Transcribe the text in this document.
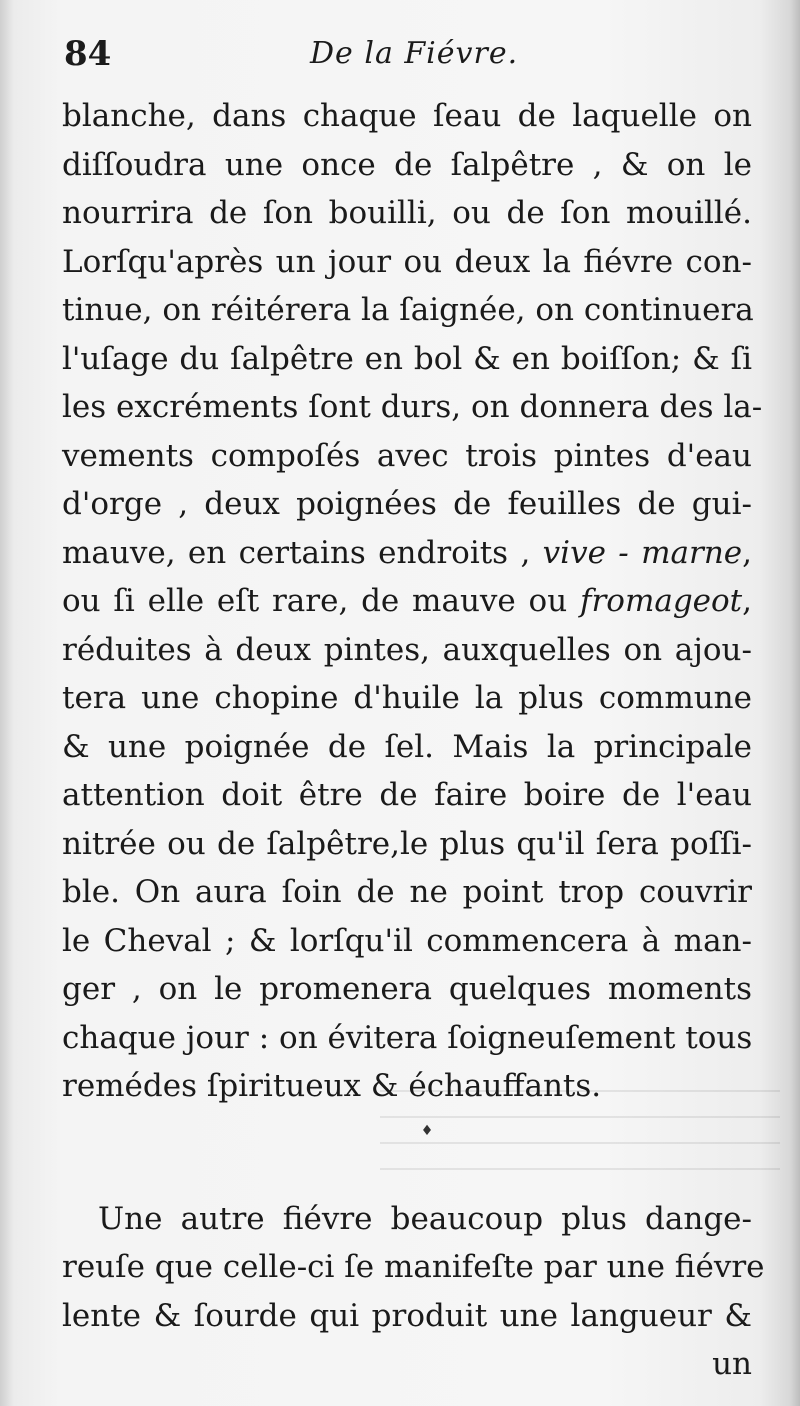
84	De la Fiévre.
blanche, dans chaque ſeau de laquelle on
diſſoudra une once de ſalpêtre , & on le
nourrira de ſon bouilli, ou de ſon mouillé.
Lorſqu'après un jour ou deux la fiévre con-
tinue, on réitérera la ſaignée, on continuera
l'uſage du ſalpêtre en bol & en boiſſon; & ſi
les excréments ſont durs, on donnera des la-
vements compoſés avec trois pintes d'eau
d'orge , deux poignées de feuilles de gui-
mauve, en certains endroits , vive - marne,
ou ſi elle eſt rare, de mauve ou fromageot,
réduites à deux pintes, auxquelles on ajou-
tera une chopine d'huile la plus commune
& une poignée de ſel. Mais la principale
attention doit être de faire boire de l'eau
nitrée ou de ſalpêtre,le plus qu'il ſera poſſi-
ble. On aura ſoin de ne point trop couvrir
le Cheval ; & lorſqu'il commencera à man-
ger , on le promenera quelques moments
chaque jour : on évitera ſoigneuſement tous
remédes ſpiritueux & échauffants.
♦
Une autre fiévre beaucoup plus dange-
reuſe que celle-ci ſe manifeſte par une fiévre
lente & ſourde qui produit une langueur &
un
